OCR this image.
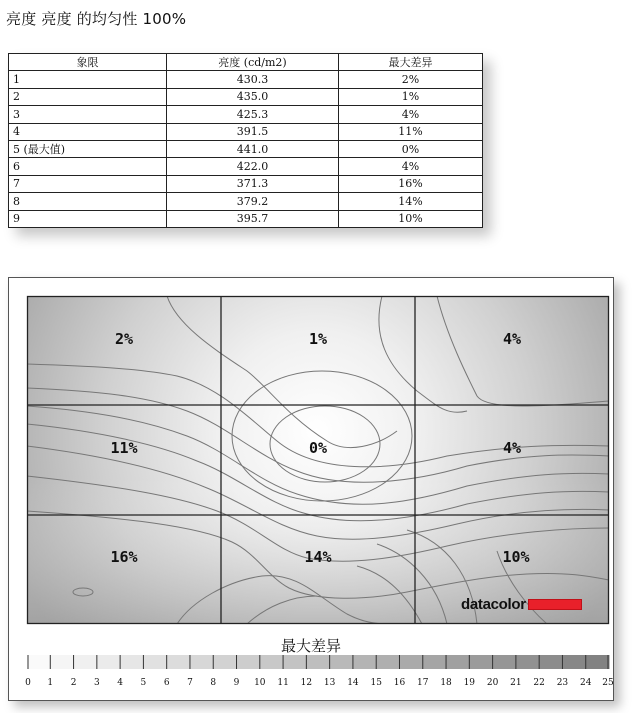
亮度 亮度 的均匀性 100%
象限	亮度 (cd/m2)	最大差异
1	430.3	2%
2	435.0	1%
3	425.3	4%
4	391.5	11%
5 (最大值)	441.0	0%
6	422.0	4%
7	371.3	16%
8	379.2	14%
9	395.7	10%
2%	1%	4%
11%	0%	4%
16%	14%	10%
datacolor
最大差异
0 1 2 3 4 5 6 7 8 9 10 11 12 13 14 15 16 17 18 19 20 21 22 23 24 25
